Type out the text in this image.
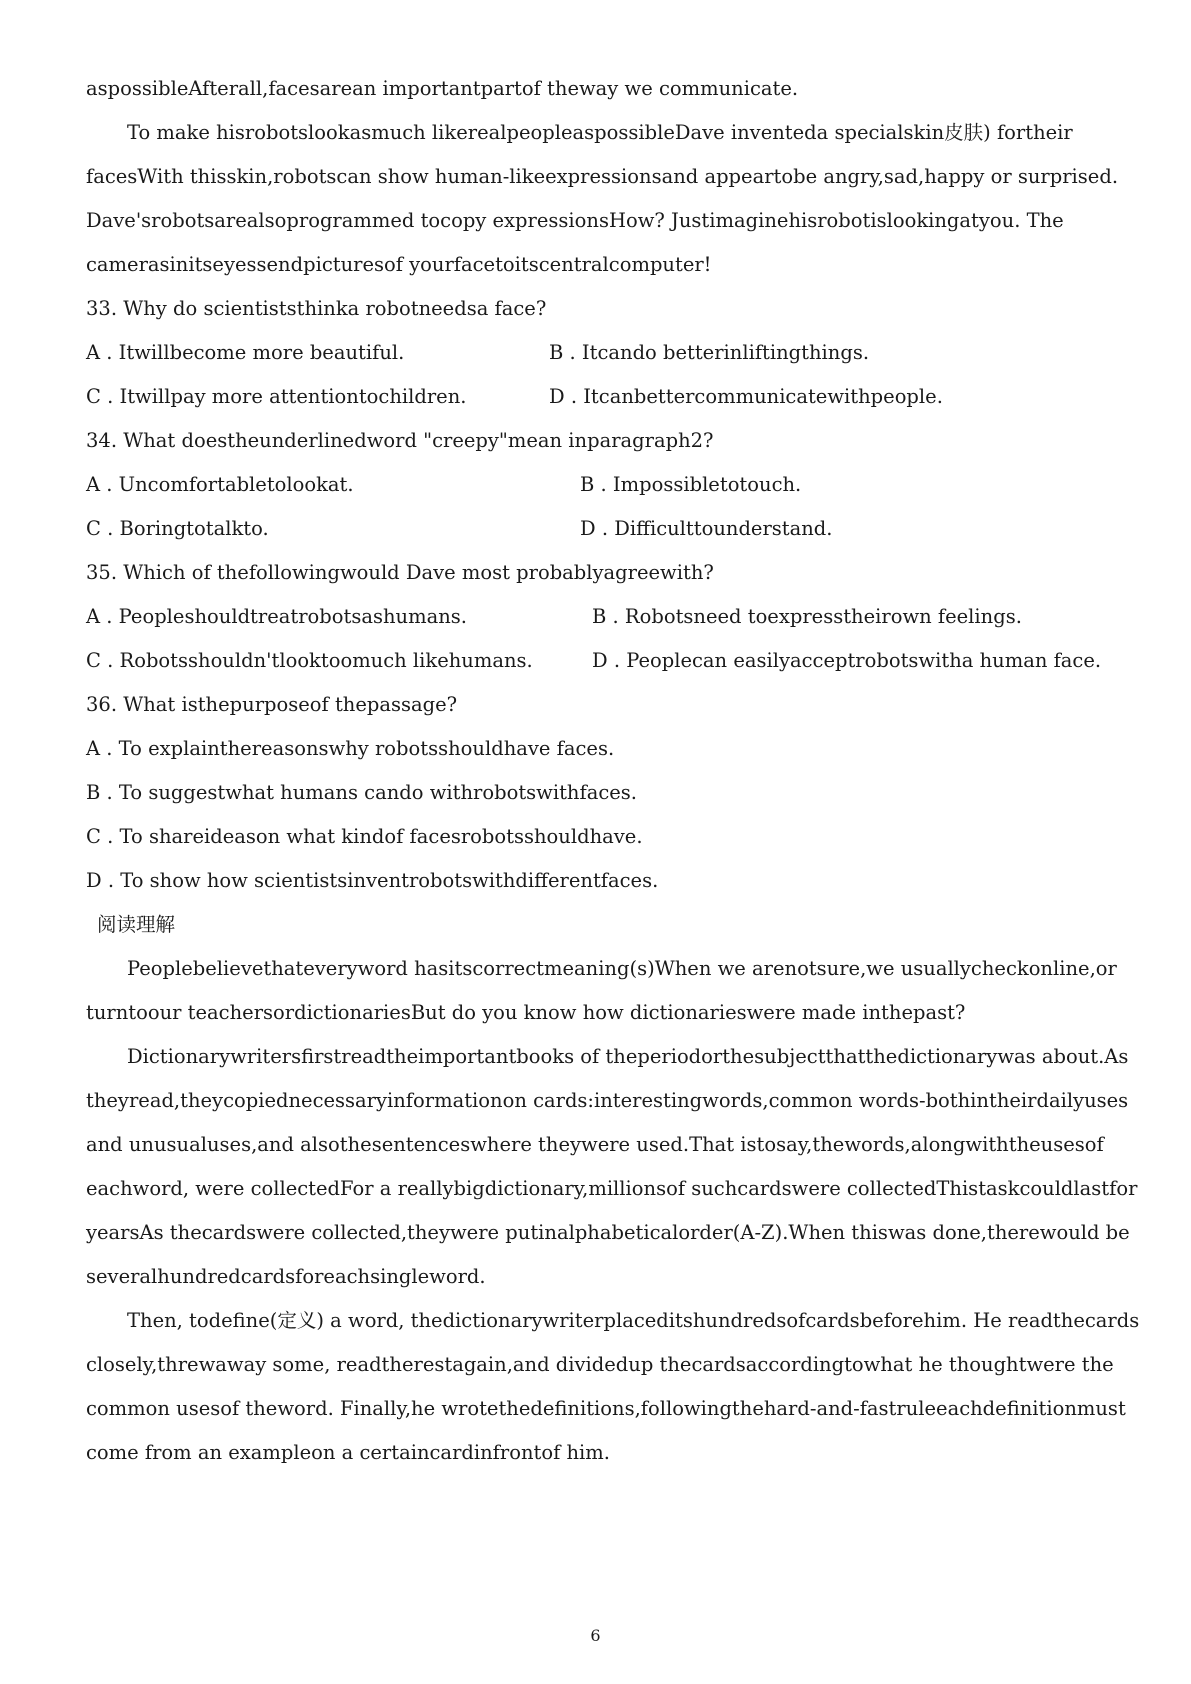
aspossibleAfterall,facesarean importantpartof theway we communicate.
To make hisrobotslookasmuch likerealpeopleaspossibleDave inventeda specialskin皮肤) fortheir
facesWith thisskin,robotscan show human-likeexpressionsand appeartobe angry,sad,happy or surprised.
Dave'srobotsarealsoprogrammed tocopy expressionsHow? Justimaginehisrobotislookingatyou. The
camerasinitseyessendpicturesof yourfacetoitscentralcomputer!
33. Why do scientiststhinka robotneedsa face?
A . Itwillbecome more beautiful.	B . Itcando betterinliftingthings.
C . Itwillpay more attentiontochildren.	D . Itcanbettercommunicatewithpeople.
34. What doestheunderlinedword "creepy"mean inparagraph2?
A . Uncomfortabletolookat.	B . Impossibletotouch.
C . Boringtotalkto.	D . Difficulttounderstand.
35. Which of thefollowingwould Dave most probablyagreewith?
A . Peopleshouldtreatrobotsashumans.	B . Robotsneed toexpresstheirown feelings.
C . Robotsshouldn'tlooktoomuch likehumans.	D . Peoplecan easilyacceptrobotswitha human face.
36. What isthepurposeof thepassage?
A . To explainthereasonswhy robotsshouldhave faces.
B . To suggestwhat humans cando withrobotswithfaces.
C . To shareideason what kindof facesrobotsshouldhave.
D . To show how scientistsinventrobotswithdifferentfaces.
阅读理解
Peoplebelievethateveryword hasitscorrectmeaning(s)When we arenotsure,we usuallycheckonline,or
turntoour teachersordictionariesBut do you know how dictionarieswere made inthepast?
Dictionarywritersfirstreadtheimportantbooks of theperiodorthesubjectthatthedictionarywas about.As
theyread,theycopiednecessaryinformationon cards:interestingwords,common words-bothintheirdailyuses
and unusualuses,and alsothesentenceswhere theywere used.That istosay,thewords,alongwiththeusesof
eachword, were collectedFor a reallybigdictionary,millionsof suchcardswere collectedThistaskcouldlastfor
yearsAs thecardswere collected,theywere putinalphabeticalorder(A-Z).When thiswas done,therewould be
severalhundredcardsforeachsingleword.
Then, todefine(定义) a word, thedictionarywriterplaceditshundredsofcardsbeforehim. He readthecards
closely,threwaway some, readtherestagain,and dividedup thecardsaccordingtowhat he thoughtwere the
common usesof theword. Finally,he wrotethedefinitions,followingthehard-and-fastruleeachdefinitionmust
come from an exampleon a certaincardinfrontof him.
6
